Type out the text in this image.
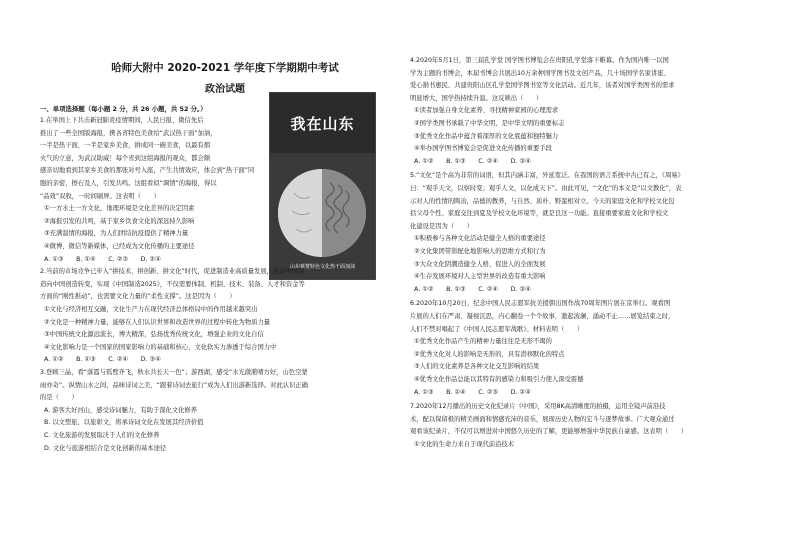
哈师大附中 2020-2021 学年度下学期期中考试
政治试题
一、单项选择题（每小题 2 分，共 26 小题，共 52 分。）
我在山东
山东蔡赞特色文化热干面加油

1.在举国上下共击新冠肺炎疫情期间，人民日报、微信先后

推出了一些全国版海报，携各省特色美食给“武汉热干面”加油，

一半是热干面，一半是家乡美食，拼成同一碗美食，以最有烟

火气的立意，为武汉助威！每个省到这组海报的观众，都会颇

感亲切地看到其家乡美食的那张对号入座，产生共情效应，体会到“热干面”同

胞的亲密，擦石及人，引发共鸣。这组看似“调情”的海报，得以

“品效”双收，一时间刷屏。这表明（　　）

①一方水土一方文化，地理环境是文化差异的决定因素

②海报引发的共鸣，基于家乡饮食文化的深远持久影响

③充满温情的海报，为人们团结抗疫提供了精神力量

④微博、微信等新媒体，已经成为文化传播的主要途径

A. ①③　　B. ①④　　C. ②③　　D. ②④

2.当前的市场竞争已步入“拼技术、拼创新、拼文化”时代，促进制造业高质量发展，推动中国制

造向中国创造转变，实现《中国制造2025》，不仅需要体制、机制、技术、装备、人才和资金等

方面的“刚性推动”，也需要文化力量的“柔性支撑”。这是因为（　　）

①文化与经济相互交融，文化生产力在现代经济总体格局中的作用越来越突出

②文化是一种精神力量，能够在人们认识世界和改造世界的过程中转化为物质力量

③中国传统文化源远流长，博大精深，弘扬优秀传统文化，增强企业的文化自信

④文化影响力是一个国家的国家影响力的基础和核心，文化软实力渗透于综合国力中

A. ①②　　B. ①③　　C. ②④　　D. ③④

3.登顾三晶，看“落霞与孤鹜齐飞，秋水共长天一色”；游西湖，感受“水光潋滟晴方好，山色空蒙

雨亦奇”。纵情山水之间，品味诗词之美，“跟着诗词去旅行”成为人们出游新选择。对此认识正确

的是（　　）

A. 游客大好河山，感受诗词魅力，有助于深化文化修养

B. 以文塑旅，以旅彰文，将承诗词文化在发展其经济价值

C. 文化旅游的发展取决于人们的文化修养

D. 文化与旅游相结合是文化创新的基本途径

4.2020年5月1日，第三届孔学堂 国学图书博览会在贵阳孔学堂落下帷幕。作为国内唯一以国

学为主题的书博会，本届书博会共展出10万余种国学图书及文创产品，几十场国学名家讲座、

爱心捐书惠民、共建贵阳山区孔学堂国学图书室等文化活动。近几年，该者对国学类图书的需求

明显增大，国学热持续升温。这反映出（　　）

①读者加强自身文化素养、寻找精神家园的心理需求

②国学类图书承载了中华文明，是中华文明的重要标志

③优秀文化作品中蕴含着深厚的文化底蕴和独特魅力

④举办国学图书博览会是促进文化传播的重要手段

A. ①②　　B. ①③　　C. ②④　　D. ③④

5.“文化”是个高为非常的词语，但其内涵丰富，外延宽泛。在我国的语言系统中古已有之，《周易》

曰：“观乎天文，以察时变；观乎人文，以化成天下”。由此可见，“文化”的本义是“以文教化”，表

示对人的性情的陶冶，品德的教养，与自然、质朴、野蛮相对立。今天的家庭文化和学校文化包

括父母个性、家庭交往到夏及学校文化环境等，就是良这一功能。直接重要家庭文化和学校文

化建设是因为（　　）

①积极参与各种文化活动是健全人格的重要途径

②文化集团带影配化地影响人的思维方式和行为

③大众文化阴潮造健全人格、促进人的全面发展

④生存发展环境对人主型世界的改造有重大影响

A. ①②　　B. ①③　　C. ②④　　D. ③④

6.2020年10月20日，纪念中国人民志愿军抗美援朝出国作战70周年图片展在京举行。观看图

片展的人们在严肃、凝视沉思，内心翻卷一个个故事，激起波澜，涌动不止……展览结束之时，

人们不禁对唱起了《中国人民志愿军战歌》。材料表明（　　）

①优秀文化作品产生的精神力量往往是无形不竭的

②优秀文化对人的影响是无形的，具有潜移默化的特点

③人们的文化素养是各种文化交互影响的结果

④优秀文化作品总能以其特有的感染力和吸引力使人深受震撼

A. ①③　　B. ①④　　C. ②③　　D. ②④

7.2020年12月播出的历史文化纪录片《中国》，采用8K高清晰度的拍摄，运用全镜声前沿技

术，配以保留极的精美画面和情感充沛的音乐，展现历史人物的宏斗与逐梦故事。广大观众通过

观看该纪录片，不仅可以增进对中国悠久历史的了解，更能够增强中华民族自豪感。这表明（　　）

①文化的生命力来自于现代前沿技术
